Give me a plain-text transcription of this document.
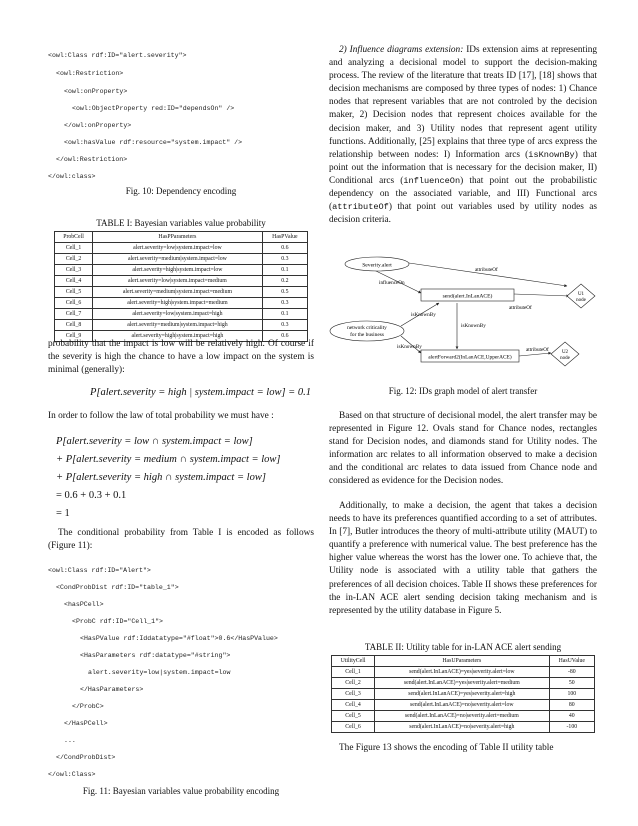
<owl:Class rdf:ID="alert.severity">

<owl:Restriction>

<owl:onProperty>

<owl:ObjectProperty red:ID="dependsOn" />

</owl:onProperty>

<owl:hasValue rdf:resource="system.impact" />

</owl:Restriction>

</owl:class>

Fig. 10: Dependency encoding
TABLE I: Bayesian variables value probability
ProbCell	HasPParameters	HasPValue
Cell_1	alert.severity=low|system.impact=low	0.6
Cell_2	alert.severity=medium|system.impact=low	0.3
Cell_3	alert.severity=high|system.impact=low	0.1
Cell_4	alert.severity=low|system.impact=medium	0.2
Cell_5	alert.severity=medium|system.impact=medium	0.5
Cell_6	alert.severity=high|system.impact=medium	0.3
Cell_7	alert.severity=low|system.impact=high	0.1
Cell_8	alert.severity=medium|system.impact=high	0.3
Cell_9	alert.severity=high|system.impact=high	0.6

probability that the impact is low will be relatively high. Of course if the severity is high the chance to have a low impact on the system is minimal (generally):

P[alert.severity = high | system.impact = low] = 0.1

In order to follow the law of total probability we must have :

P[alert.severity = low ∩ system.impact = low]
+ P[alert.severity = medium ∩ system.impact = low]
+ P[alert.severity = high ∩ system.impact = low]
= 0.6 + 0.3 + 0.1
= 1

The conditional probability from Table I is encoded as follows (Figure 11):

<owl:Class rdf:ID="Alert">

<CondProbDist rdf:ID="table_1">

<hasPCell>

<ProbC rdf:ID="Cell_1">

<HasPValue rdf:Iddatatype="#float">0.6</HasPValue>

<HasParameters rdf:datatype="#string">

alert.severity=low|system.impact=low

</HasParameters>

</ProbC>

</HasPCell>

...

</CondProbDist>

</owl:Class>

Fig. 11: Bayesian variables value probability encoding

2) Influence diagrams extension: IDs extension aims at representing and analyzing a decisional model to support the decision-making process. The review of the literature that treats ID [17], [18] shows that decision mechanisms are composed by three types of nodes: 1) Chance nodes that represent variables that are not controled by the decision maker, 2) Decision nodes that represent choices available for the decision maker, and 3) Utility nodes that represent agent utility functions. Additionally, [25] explains that three type of arcs express the relationship between nodes: I) Information arcs (isKnownBy) that point out the information that is necessary for the decision maker, II) Conditional arcs (influenceOn) that point out the probabilistic dependency on the associated variable, and III) Functional arcs (attributeOf) that point out variables used by utility nodes as decision criteria.

Severity.alert
send(alert.InLanACE)	U1
node
network criticality
for the business
alertForward2(InLanACE,UpperACE)
U2
node
attributeOf
influenceOn
attributeOf
isKnownBy
isKnownBy
isKnownBy	attributeOf
Fig. 12: IDs graph model of alert transfer

Based on that structure of decisional model, the alert transfer may be represented in Figure 12. Ovals stand for Chance nodes, rectangles stand for Decision nodes, and diamonds stand for Utility nodes. The information arc relates to all information observed to make a decision and the conditional arc relates to data issued from Chance node and considered as evidence for the Decision nodes.

Additionally, to make a decision, the agent that takes a decision needs to have its preferences quantified according to a set of attributes. In [7], Butler introduces the theory of multi-attribute utility (MAUT) to quantify a preference with numerical value. The best preference has the higher value whereas the worst has the lower one. To achieve that, the Utility node is associated with a utility table that gathers the preferences of all decision choices. Table II shows these preferences for the in-LAN ACE alert sending decision taking mechanism and is represented by the utility database in Figure 5.

TABLE II: Utility table for in-LAN ACE alert sending
UtilityCell	HasUParameters	HasUValue
Cell_1	send(alert.InLanACE)=yes|severity.alert=low	-80
Cell_2	send(alert.InLanACE)=yes|severity.alert=medium	50
Cell_3	send(alert.InLanACE)=yes|severity.alert=high	100
Cell_4	send(alert.InLanACE)=no|severity.alert=low	80
Cell_5	send(alert.InLanACE)=no|severity.alert=medium	40
Cell_6	send(alert.InLanACE)=no|severity.alert=high	-100

The Figure 13 shows the encoding of Table II utility table
